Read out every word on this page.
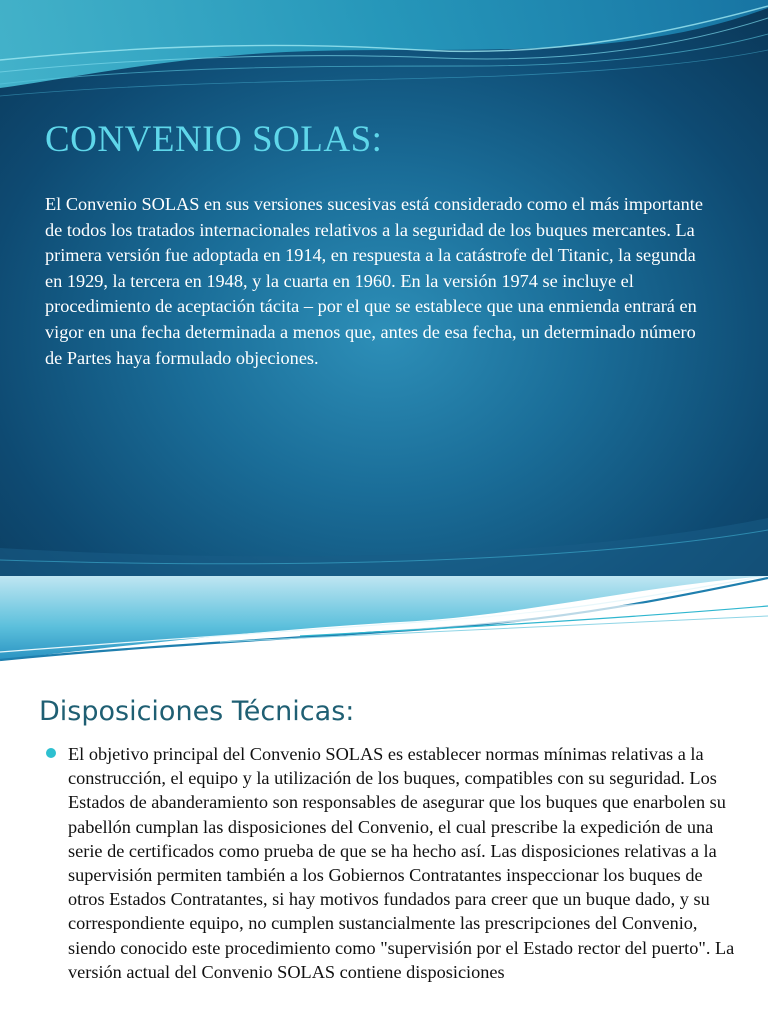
CONVENIO SOLAS:

El Convenio SOLAS en sus versiones sucesivas está considerado como el más importante de todos los tratados internacionales relativos a la seguridad de los buques mercantes. La primera versión fue adoptada en 1914, en respuesta a la catástrofe del Titanic, la segunda en 1929, la tercera en 1948, y la cuarta en 1960. En la versión 1974 se incluye el procedimiento de aceptación tácita – por el que se establece que una enmienda entrará en vigor en una fecha determinada a menos que, antes de esa fecha, un determinado número de Partes haya formulado objeciones.

Disposiciones Técnicas:

El objetivo principal del Convenio SOLAS es establecer normas mínimas relativas a la construcción, el equipo y la utilización de los buques, compatibles con su seguridad. Los Estados de abanderamiento son responsables de asegurar que los buques que enarbolen su pabellón cumplan las disposiciones del Convenio, el cual prescribe la expedición de una serie de certificados como prueba de que se ha hecho así. Las disposiciones relativas a la supervisión permiten también a los Gobiernos Contratantes inspeccionar los buques de otros Estados Contratantes, si hay motivos fundados para creer que un buque dado, y su correspondiente equipo, no cumplen sustancialmente las prescripciones del Convenio, siendo conocido este procedimiento como "supervisión por el Estado rector del puerto". La versión actual del Convenio SOLAS contiene disposiciones
